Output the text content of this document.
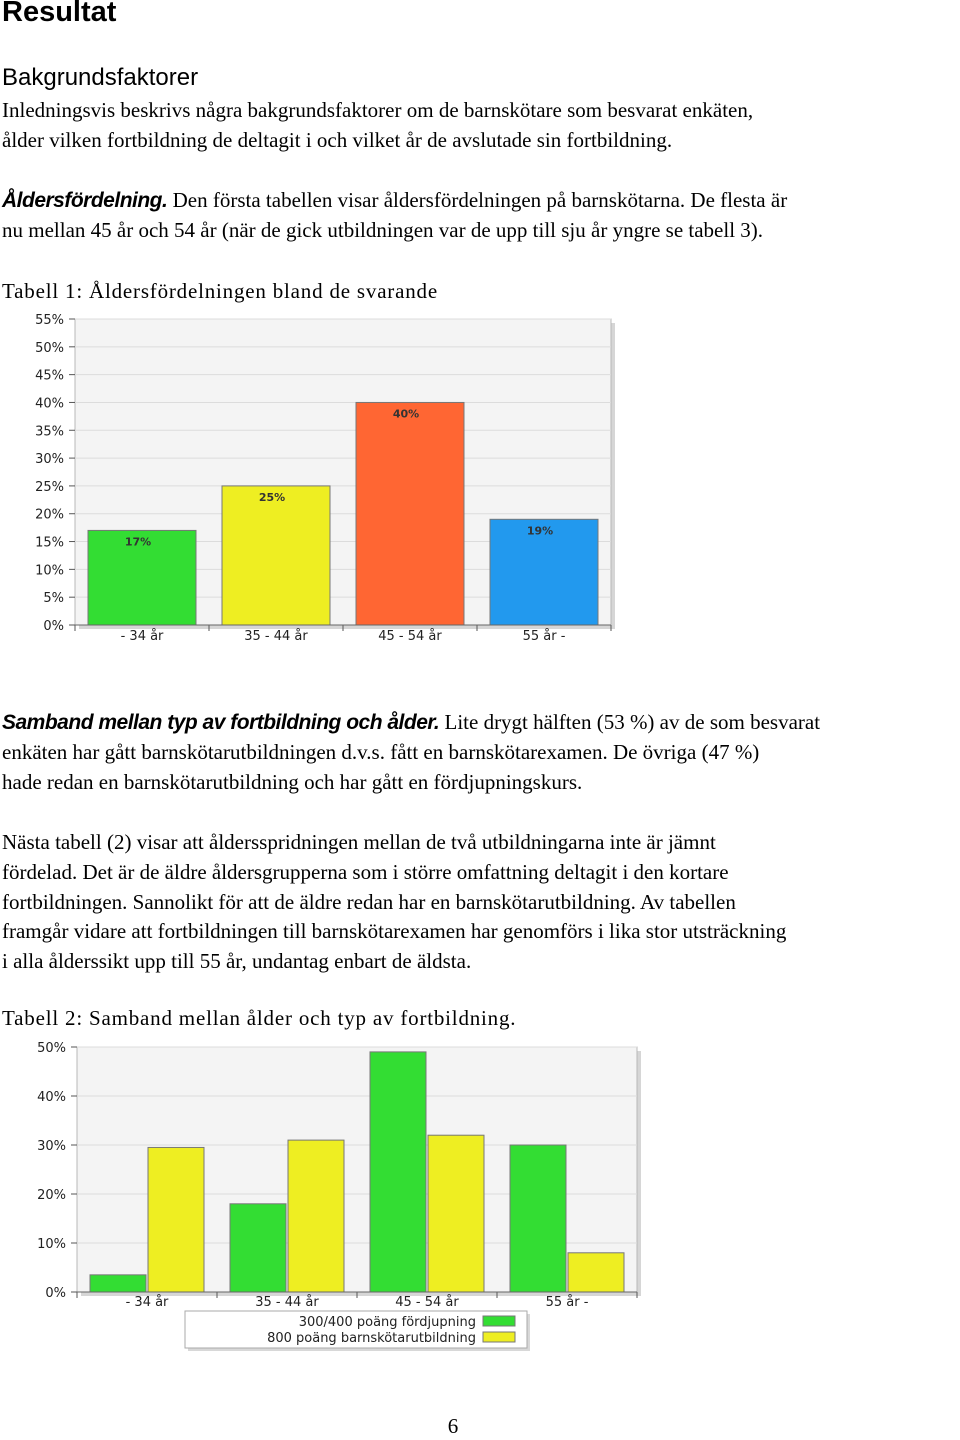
Resultat
Bakgrundsfaktorer
Inledningsvis beskrivs några bakgrundsfaktorer om de barnskötare som besvarat enkäten,
ålder vilken fortbildning de deltagit i och vilket år de avslutade sin fortbildning.
Åldersfördelning. Den första tabellen visar åldersfördelningen på barnskötarna. De flesta är
nu mellan 45 år och 54 år (när de gick utbildningen var de upp till sju år yngre se tabell 3).
Tabell 1: Åldersfördelningen bland de svarande
0%
5%
10%
15%
20%
25%
30%
35%
40%
45%
50%
55%
17%
- 34 år
25%
35 - 44 år
40%
45 - 54 år
19%
55 år -
Samband mellan typ av fortbildning och ålder. Lite drygt hälften (53 %) av de som besvarat
enkäten har gått barnskötarutbildningen d.v.s. fått en barnskötarexamen. De övriga (47 %)
hade redan en barnskötarutbildning och har gått en fördjupningskurs.
Nästa tabell (2) visar att åldersspridningen mellan de två utbildningarna inte är jämnt
fördelad. Det är de äldre åldersgrupperna som i större omfattning deltagit i den kortare
fortbildningen. Sannolikt för att de äldre redan har en barnskötarutbildning. Av tabellen
framgår vidare att fortbildningen till barnskötarexamen har genomförs i lika stor utsträckning
i alla ålderssikt upp till 55 år, undantag enbart de äldsta.
Tabell 2: Samband mellan ålder och typ av fortbildning.
0%
10%
20%
30%
40%
50%
- 34 år	35 - 44 år	45 - 54 år	55 år -
300/400 poäng fördjupning
800 poäng barnskötarutbildning
6
